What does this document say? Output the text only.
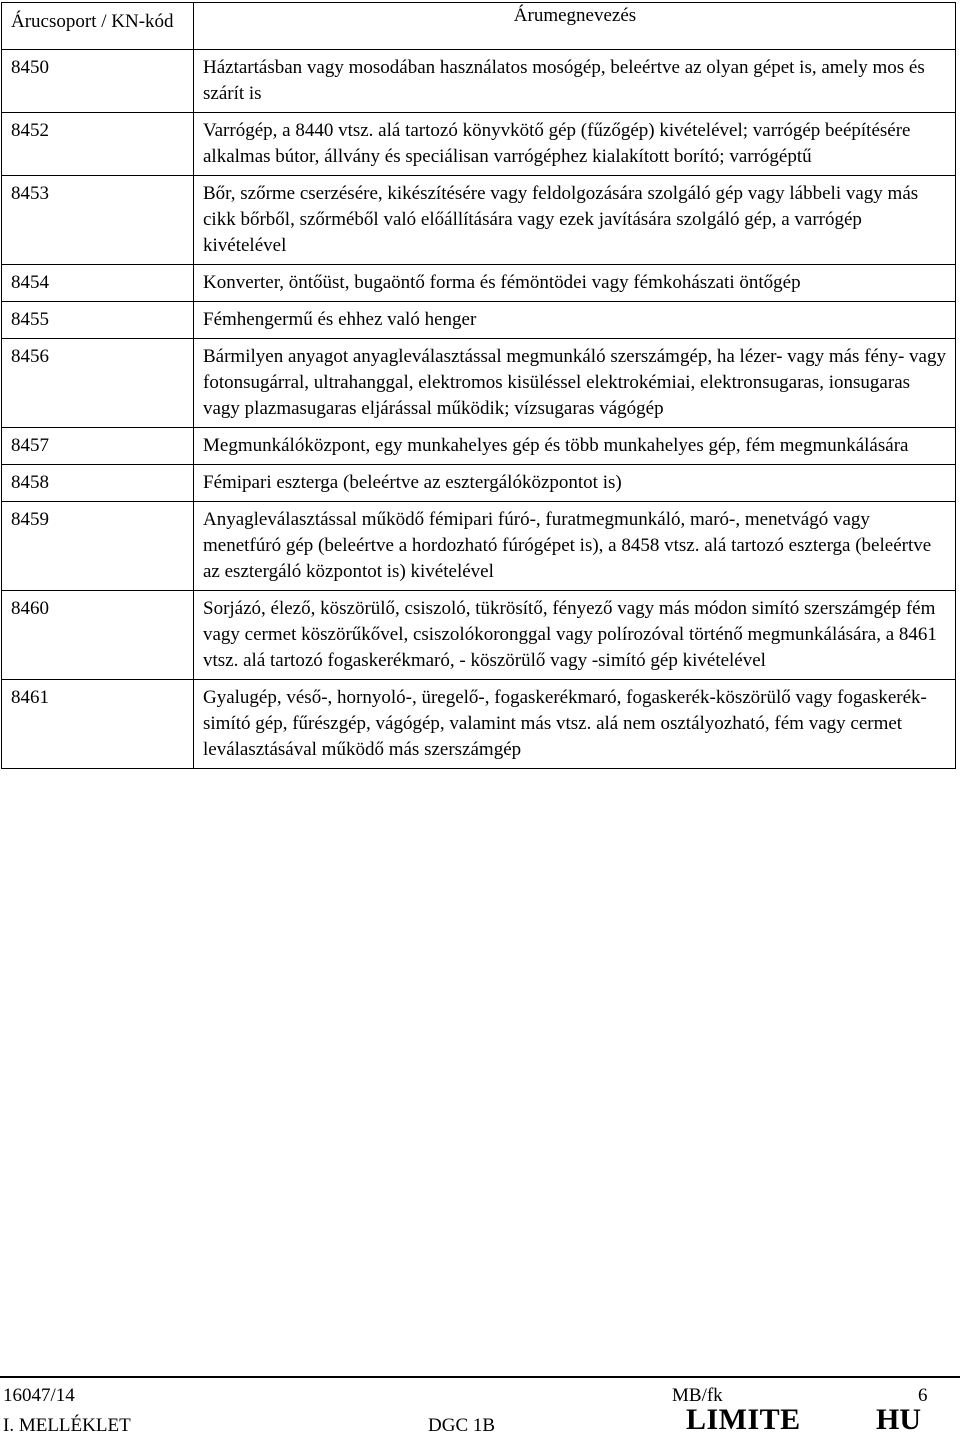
Árucsoport / KN-kód	Árumegnevezés
8450	Háztartásban vagy mosodában használatos mosógép, beleértve az olyan gépet is, amely mos és szárít is
8452	Varrógép, a 8440 vtsz. alá tartozó könyvkötő gép (fűzőgép) kivételével; varrógép beépítésére alkalmas bútor, állvány és speciálisan varrógéphez kialakított borító; varrógéptű
8453	Bőr, szőrme cserzésére, kikészítésére vagy feldolgozására szolgáló gép vagy lábbeli vagy más cikk bőrből, szőrméből való előállítására vagy ezek javítására szolgáló gép, a varrógép kivételével
8454	Konverter, öntőüst, bugaöntő forma és fémöntödei vagy fémkohászati öntőgép
8455	Fémhengermű és ehhez való henger
8456	Bármilyen anyagot anyagleválasztással megmunkáló szerszámgép, ha lézer- vagy más fény- vagy fotonsugárral, ultrahanggal, elektromos kisüléssel elektrokémiai, elektronsugaras, ionsugaras vagy plazmasugaras eljárással működik; vízsugaras vágógép
8457	Megmunkálóközpont, egy munkahelyes gép és több munkahelyes gép, fém megmunkálására
8458	Fémipari eszterga (beleértve az esztergálóközpontot is)
8459	Anyagleválasztással működő fémipari fúró-, furatmegmunkáló, maró-, menetvágó vagy menetfúró gép (beleértve a hordozható fúrógépet is), a 8458 vtsz. alá tartozó eszterga (beleértve az esztergáló központot is) kivételével
8460	Sorjázó, élező, köszörülő, csiszoló, tükrösítő, fényező vagy más módon simító szerszámgép fém vagy cermet köszörűkővel, csiszolókoronggal vagy polírozóval történő megmunkálására, a 8461 vtsz. alá tartozó fogaskerékmaró, - köszörülő vagy -simító gép kivételével
8461	Gyalugép, véső-, hornyoló-, üregelő-, fogaskerékmaró, fogaskerék-köszörülő vagy fogaskerék-simító gép, fűrészgép, vágógép, valamint más vtsz. alá nem osztályozható, fém vagy cermet leválasztásával működő más szerszámgép
16047/14	MB/fk	6
I. MELLÉKLET	DGC 1B	LIMITE	HU
